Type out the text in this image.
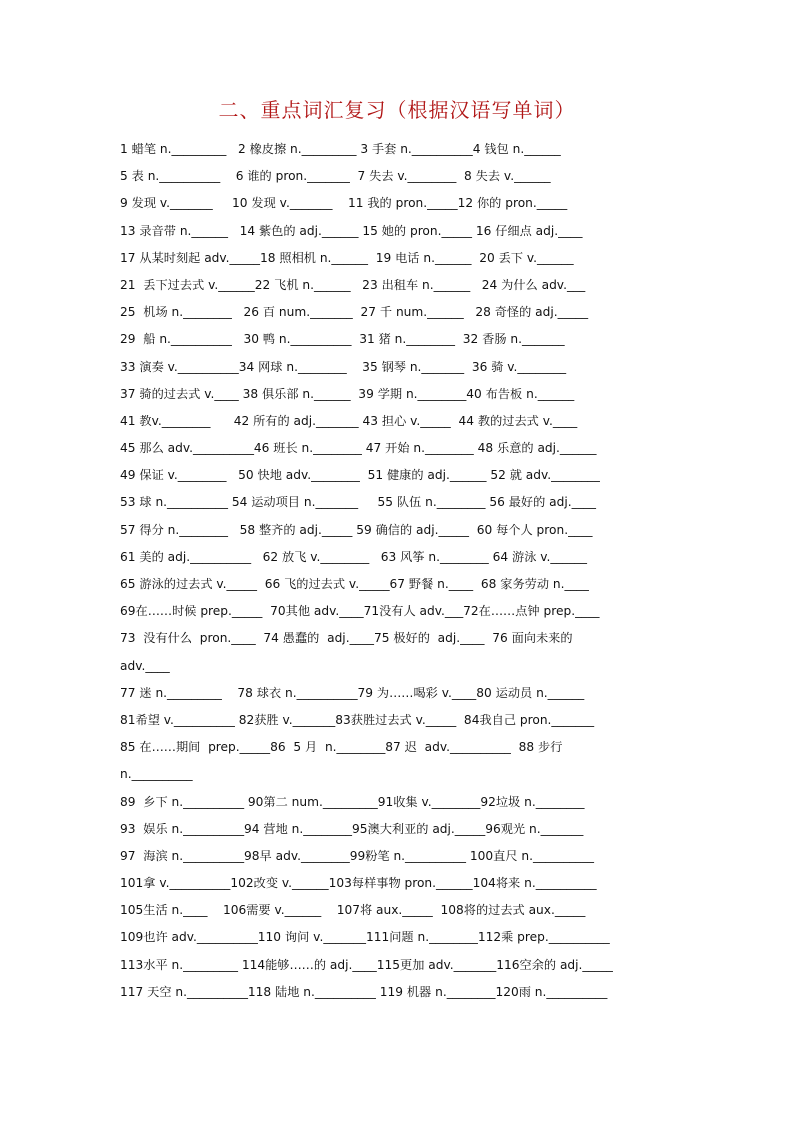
二、重点词汇复习（根据汉语写单词）
1 蜡笔 n._________   2 橡皮擦 n._________ 3 手套 n.__________4 钱包 n.______
5 表 n.__________    6 谁的 pron._______  7 失去 v.________  8 失去 v.______
9 发现 v._______     10 发现 v._______    11 我的 pron._____12 你的 pron._____
13 录音带 n.______   14 紫色的 adj.______ 15 她的 pron._____ 16 仔细点 adj.____
17 从某时刻起 adv._____18 照相机 n.______  19 电话 n.______  20 丢下 v.______
21  丢下过去式 v.______22 飞机 n.______   23 出租车 n.______   24 为什么 adv.___
25  机场 n.________   26 百 num._______  27 千 num.______   28 奇怪的 adj._____
29  船 n.__________   30 鸭 n.__________  31 猪 n.________  32 香肠 n._______
33 演奏 v.__________34 网球 n.________    35 钢琴 n._______  36 骑 v.________
37 骑的过去式 v.____ 38 俱乐部 n.______  39 学期 n.________40 布告板 n.______
41 教v.________      42 所有的 adj._______ 43 担心 v._____  44 教的过去式 v.____
45 那么 adv.__________46 班长 n.________ 47 开始 n.________ 48 乐意的 adj.______
49 保证 v.________   50 快地 adv.________  51 健康的 adj.______ 52 就 adv.________
53 球 n.__________ 54 运动项目 n._______     55 队伍 n.________ 56 最好的 adj.____
57 得分 n.________   58 整齐的 adj._____ 59 确信的 adj._____  60 每个人 pron.____
61 美的 adj.__________   62 放飞 v.________   63 风筝 n.________ 64 游泳 v.______
65 游泳的过去式 v._____  66 飞的过去式 v._____67 野餐 n.____  68 家务劳动 n.____
69在……时候 prep._____  70其他 adv.____71没有人 adv.___72在……点钟 prep.____
73  没有什么  pron.____  74 愚蠢的  adj.____75 极好的  adj.____  76 面向未来的
adv.____
77 迷 n._________    78 球衣 n.__________79 为……喝彩 v.____80 运动员 n.______
81希望 v.__________ 82获胜 v._______83获胜过去式 v._____  84我自己 pron._______
85 在……期间  prep._____86  5 月  n.________87 迟  adv.__________  88 步行
n.__________
89  乡下 n.__________ 90第二 num._________91收集 v.________92垃圾 n.________
93  娱乐 n.__________94 营地 n.________95澳大利亚的 adj._____96观光 n._______
97  海滨 n.__________98早 adv.________99粉笔 n.__________ 100直尺 n.__________
101拿 v.__________102改变 v.______103每样事物 pron.______104将来 n.__________
105生活 n.____    106需要 v.______    107将 aux._____  108将的过去式 aux._____
109也许 adv.__________110 询问 v._______111问题 n.________112乘 prep.__________
113水平 n._________ 114能够……的 adj.____115更加 adv._______116空余的 adj._____
117 天空 n.__________118 陆地 n.__________ 119 机器 n.________120雨 n.__________
